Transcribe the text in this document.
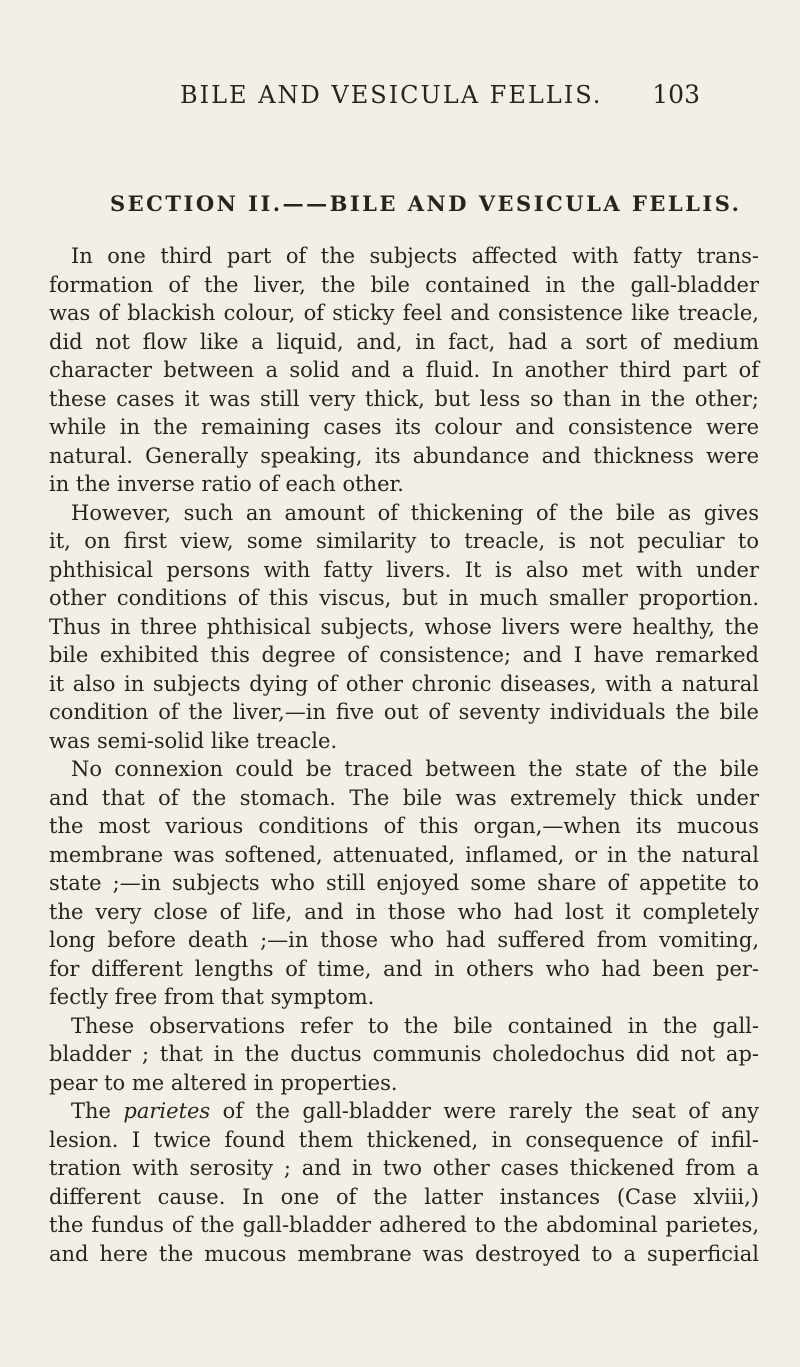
BILE AND VESICULA FELLIS. 103
SECTION II.——BILE AND VESICULA FELLIS.
In one third part of the subjects affected with fatty trans-
formation of the liver, the bile contained in the gall-bladder
was of blackish colour, of sticky feel and consistence like treacle,
did not flow like a liquid, and, in fact, had a sort of medium
character between a solid and a fluid. In another third part of
these cases it was still very thick, but less so than in the other;
while in the remaining cases its colour and consistence were
natural. Generally speaking, its abundance and thickness were
in the inverse ratio of each other.
However, such an amount of thickening of the bile as gives
it, on first view, some similarity to treacle, is not peculiar to
phthisical persons with fatty livers. It is also met with under
other conditions of this viscus, but in much smaller proportion.
Thus in three phthisical subjects, whose livers were healthy, the
bile exhibited this degree of consistence; and I have remarked
it also in subjects dying of other chronic diseases, with a natural
condition of the liver,—in five out of seventy individuals the bile
was semi-solid like treacle.
No connexion could be traced between the state of the bile
and that of the stomach. The bile was extremely thick under
the most various conditions of this organ,—when its mucous
membrane was softened, attenuated, inflamed, or in the natural
state ;—in subjects who still enjoyed some share of appetite to
the very close of life, and in those who had lost it completely
long before death ;—in those who had suffered from vomiting,
for different lengths of time, and in others who had been per-
fectly free from that symptom.
These observations refer to the bile contained in the gall-
bladder ; that in the ductus communis choledochus did not ap-
pear to me altered in properties.
The parietes of the gall-bladder were rarely the seat of any
lesion. I twice found them thickened, in consequence of infil-
tration with serosity ; and in two other cases thickened from a
different cause. In one of the latter instances (Case xlviii,)
the fundus of the gall-bladder adhered to the abdominal parietes,
and here the mucous membrane was destroyed to a superficial
